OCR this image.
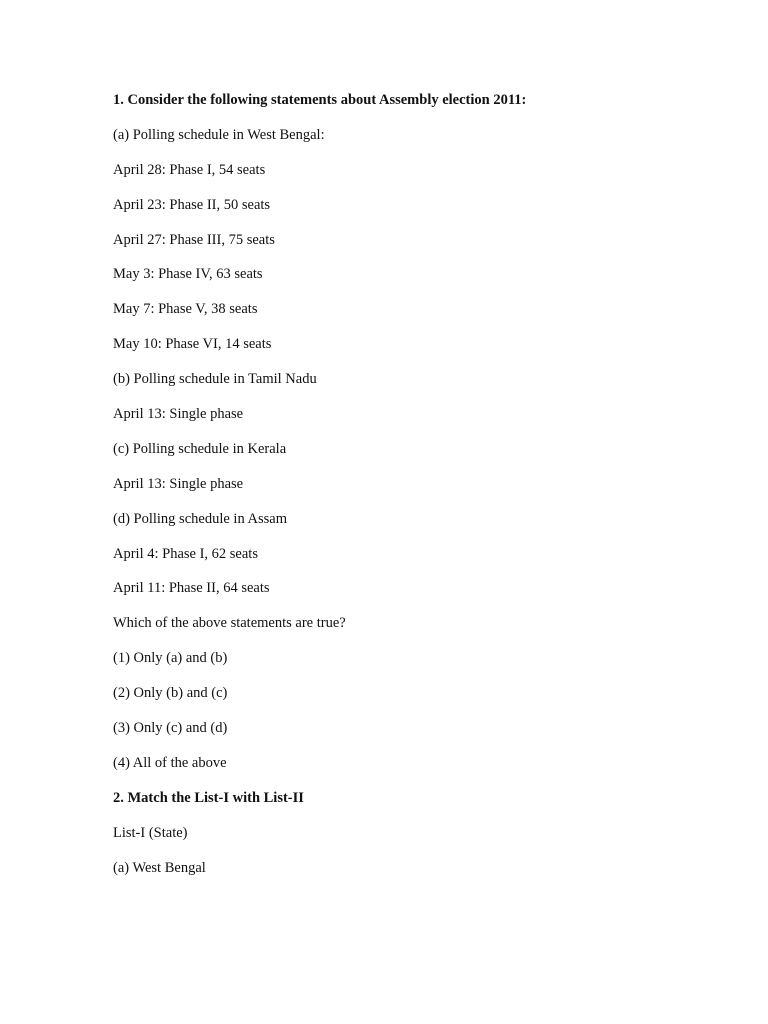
1. Consider the following statements about Assembly election 2011:
(a) Polling schedule in West Bengal:
April 28: Phase I, 54 seats
April 23: Phase II, 50 seats
April 27: Phase III, 75 seats
May 3: Phase IV, 63 seats
May 7: Phase V, 38 seats
May 10: Phase VI, 14 seats
(b) Polling schedule in Tamil Nadu
April 13: Single phase
(c) Polling schedule in Kerala
April 13: Single phase
(d) Polling schedule in Assam
April 4: Phase I, 62 seats
April 11: Phase II, 64 seats
Which of the above statements are true?
(1) Only (a) and (b)
(2) Only (b) and (c)
(3) Only (c) and (d)
(4) All of the above
2. Match the List-I with List-II
List-I (State)
(a) West Bengal
